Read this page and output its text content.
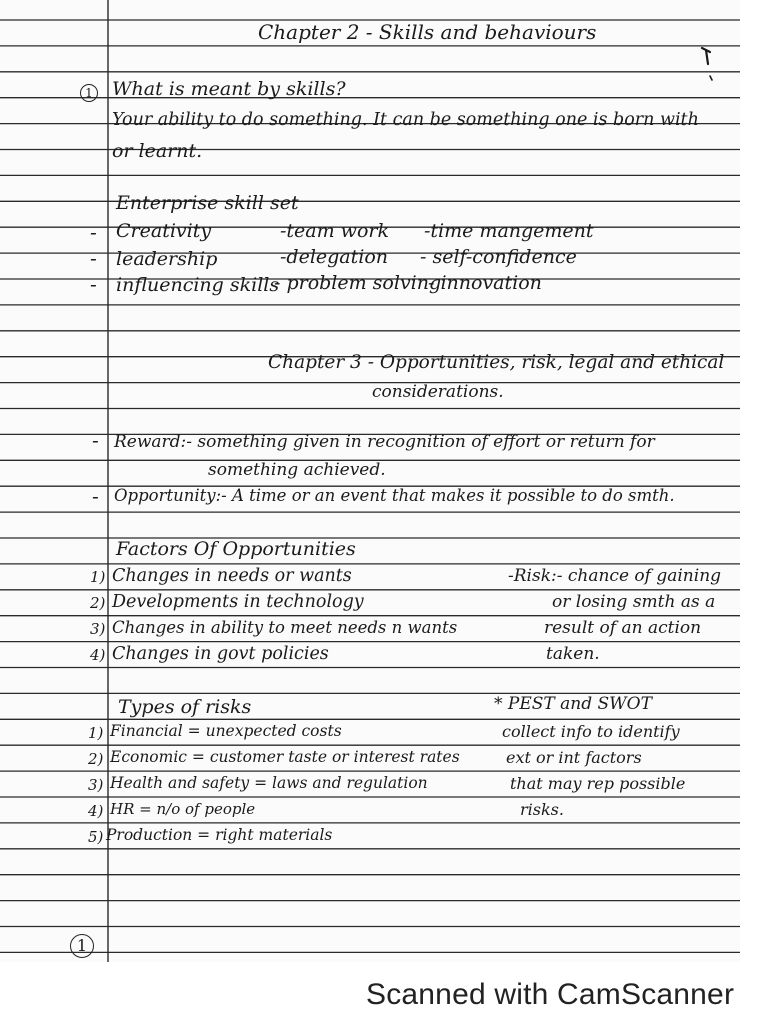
Chapter 2 - Skills and behaviours
1 What is meant by skills?
Your ability to do something. It can be something one is born with
or learnt.
Enterprise skill set
- Creativity	-team work -time mangement
- leadership	-delegation - self-confidence
- influencing skills
- problem solving
- innovation
Chapter 3 - Opportunities, risk, legal and ethical
considerations.
- Reward:- something given in recognition of effort or return for
something achieved.
- Opportunity:- A time or an event that makes it possible to do smth.
Factors Of Opportunities
1) Changes in needs or wants
2) Developments in technology
3) Changes in ability to meet needs n wants
4) Changes in govt policies
-Risk:- chance of gaining
or losing smth as a
result of an action
taken.
Types of risks
1) Financial = unexpected costs
2) Economic = customer taste or interest rates
3) Health and safety = laws and regulation
4) HR = n/o of people
5) Production = right materials
* PEST and SWOT
collect info to identify
ext or int factors
that may rep possible
risks.
1
Scanned with CamScanner
